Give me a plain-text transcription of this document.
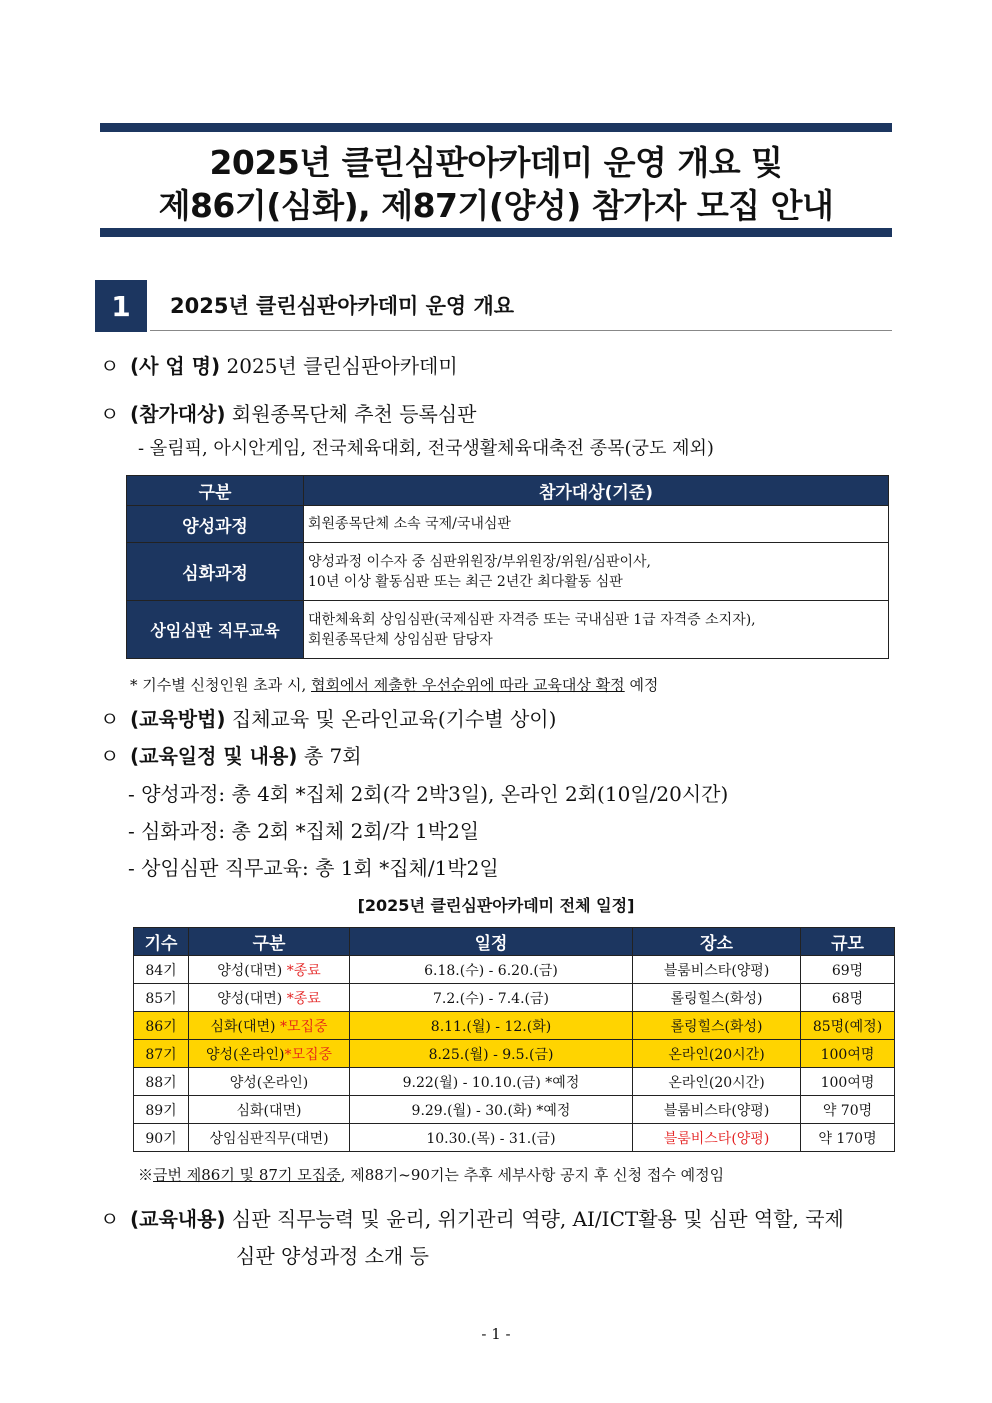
2025년 클린심판아카데미 운영 개요 및
제86기(심화), 제87기(양성) 참가자 모집 안내
1	2025년 클린심판아카데미 운영 개요
ㅇ (사 업 명) 2025년 클린심판아카데미
ㅇ (참가대상) 회원종목단체 추천 등록심판
- 올림픽, 아시안게임, 전국체육대회, 전국생활체육대축전 종목(궁도 제외)
구분	참가대상(기준)
양성과정	회원종목단체 소속 국제/국내심판
심화과정	양성과정 이수자 중 심판위원장/부위원장/위원/심판이사,
10년 이상 활동심판 또는 최근 2년간 최다활동 심판
상임심판 직무교육	대한체육회 상임심판(국제심판 자격증 또는 국내심판 1급 자격증 소지자),
회원종목단체 상임심판 담당자
* 기수별 신청인원 초과 시, 협회에서 제출한 우선순위에 따라 교육대상 확정 예정
ㅇ (교육방법) 집체교육 및 온라인교육(기수별 상이)
ㅇ (교육일정 및 내용) 총 7회
- 양성과정: 총 4회 *집체 2회(각 2박3일), 온라인 2회(10일/20시간)
- 심화과정: 총 2회 *집체 2회/각 1박2일
- 상임심판 직무교육: 총 1회 *집체/1박2일
[2025년 클린심판아카데미 전체 일정]
기수	구분	일정	장소	규모
84기	양성(대면) *종료	6.18.(수) - 6.20.(금)	블룸비스타(양평)	69명
85기	양성(대면) *종료	7.2.(수) - 7.4.(금)	롤링힐스(화성)	68명
86기	심화(대면) *모집중	8.11.(월) - 12.(화)	롤링힐스(화성)	85명(예정)
87기	양성(온라인)*모집중	8.25.(월) - 9.5.(금)	온라인(20시간)	100여명
88기	양성(온라인)	9.22(월) - 10.10.(금) *예정	온라인(20시간)	100여명
89기	심화(대면)	9.29.(월) - 30.(화) *예정	블룸비스타(양평)	약 70명
90기	상임심판직무(대면)	10.30.(목) - 31.(금)	블룸비스타(양평)	약 170명
※금번 제86기 및 87기 모집중, 제88기~90기는 추후 세부사항 공지 후 신청 접수 예정임
ㅇ (교육내용) 심판 직무능력 및 윤리, 위기관리 역량, AI/ICT활용 및 심판 역할, 국제
심판 양성과정 소개 등
- 1 -
